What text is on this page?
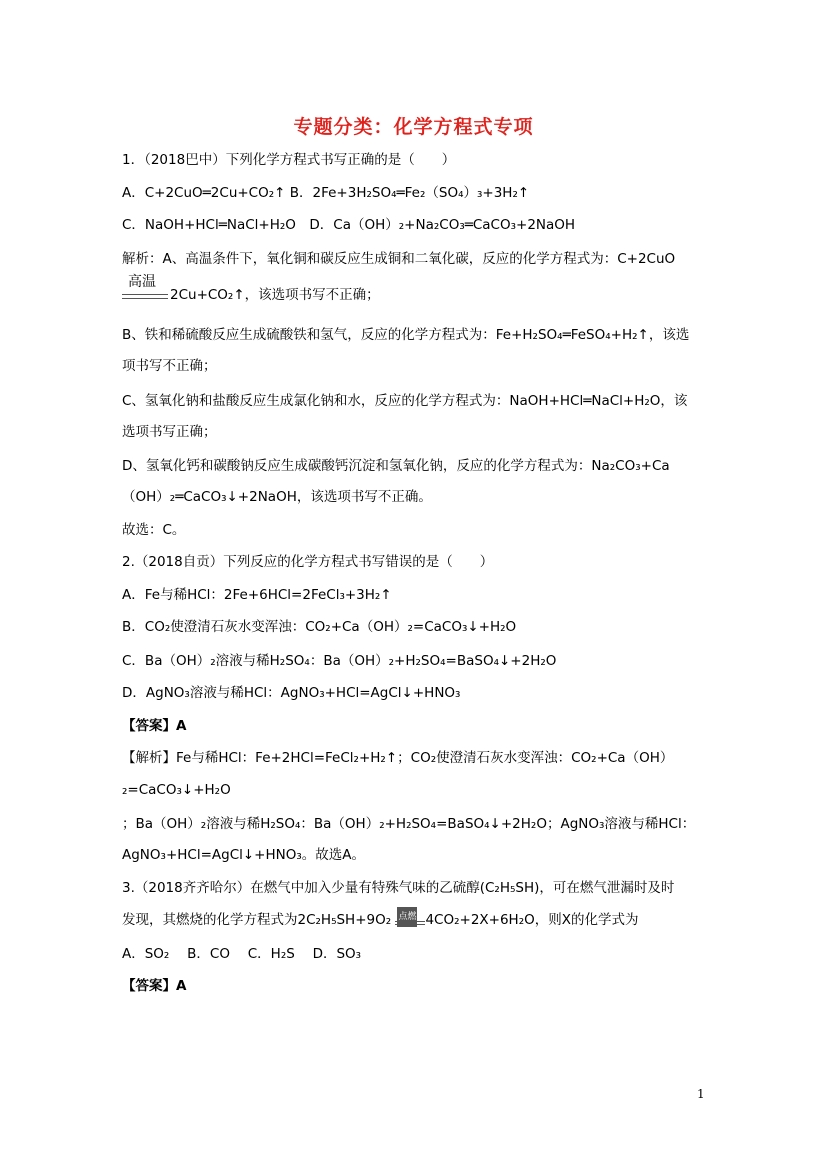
专题分类：化学方程式专项
1．（2018巴中）下列化学方程式书写正确的是（　　）
A．C+2CuO═2Cu+CO₂↑ B．2Fe+3H₂SO₄═Fe₂（SO₄）₃+3H₂↑
C．NaOH+HCl═NaCl+H₂O　D．Ca（OH）₂+Na₂CO₃═CaCO₃+2NaOH
解析：A、高温条件下，氧化铜和碳反应生成铜和二氧化碳，反应的化学方程式为：C+2CuO
高温
2Cu+CO₂↑，该选项书写不正确；
B、铁和稀硫酸反应生成硫酸铁和氢气，反应的化学方程式为：Fe+H₂SO₄═FeSO₄+H₂↑，该选
项书写不正确；
C、氢氧化钠和盐酸反应生成氯化钠和水，反应的化学方程式为：NaOH+HCl═NaCl+H₂O，该
选项书写正确；
D、氢氧化钙和碳酸钠反应生成碳酸钙沉淀和氢氧化钠，反应的化学方程式为：Na₂CO₃+Ca
（OH）₂═CaCO₃↓+2NaOH，该选项书写不正确。
故选：C。
2.（2018自贡）下列反应的化学方程式书写错误的是（　　）
A．Fe与稀HCl：2Fe+6HCl=2FeCl₃+3H₂↑
B．CO₂使澄清石灰水变浑浊：CO₂+Ca（OH）₂=CaCO₃↓+H₂O
C．Ba（OH）₂溶液与稀H₂SO₄：Ba（OH）₂+H₂SO₄=BaSO₄↓+2H₂O
D．AgNO₃溶液与稀HCl：AgNO₃+HCl=AgCl↓+HNO₃
【答案】A
【解析】Fe与稀HCl：Fe+2HCl=FeCl₂+H₂↑；CO₂使澄清石灰水变浑浊：CO₂+Ca（OH）
₂=CaCO₃↓+H₂O
；Ba（OH）₂溶液与稀H₂SO₄：Ba（OH）₂+H₂SO₄=BaSO₄↓+2H₂O；AgNO₃溶液与稀HCl：
AgNO₃+HCl=AgCl↓+HNO₃。故选A。
3.（2018齐齐哈尔）在燃气中加入少量有特殊气味的乙硫醇(C₂H₅SH)，可在燃气泄漏时及时
发现，其燃烧的化学方程式为2C₂H₅SH+9O₂ 点燃 4CO₂+2X+6H₂O，则X的化学式为
A．SO₂　 B．CO　 C．H₂S　 D．SO₃
【答案】A
1
